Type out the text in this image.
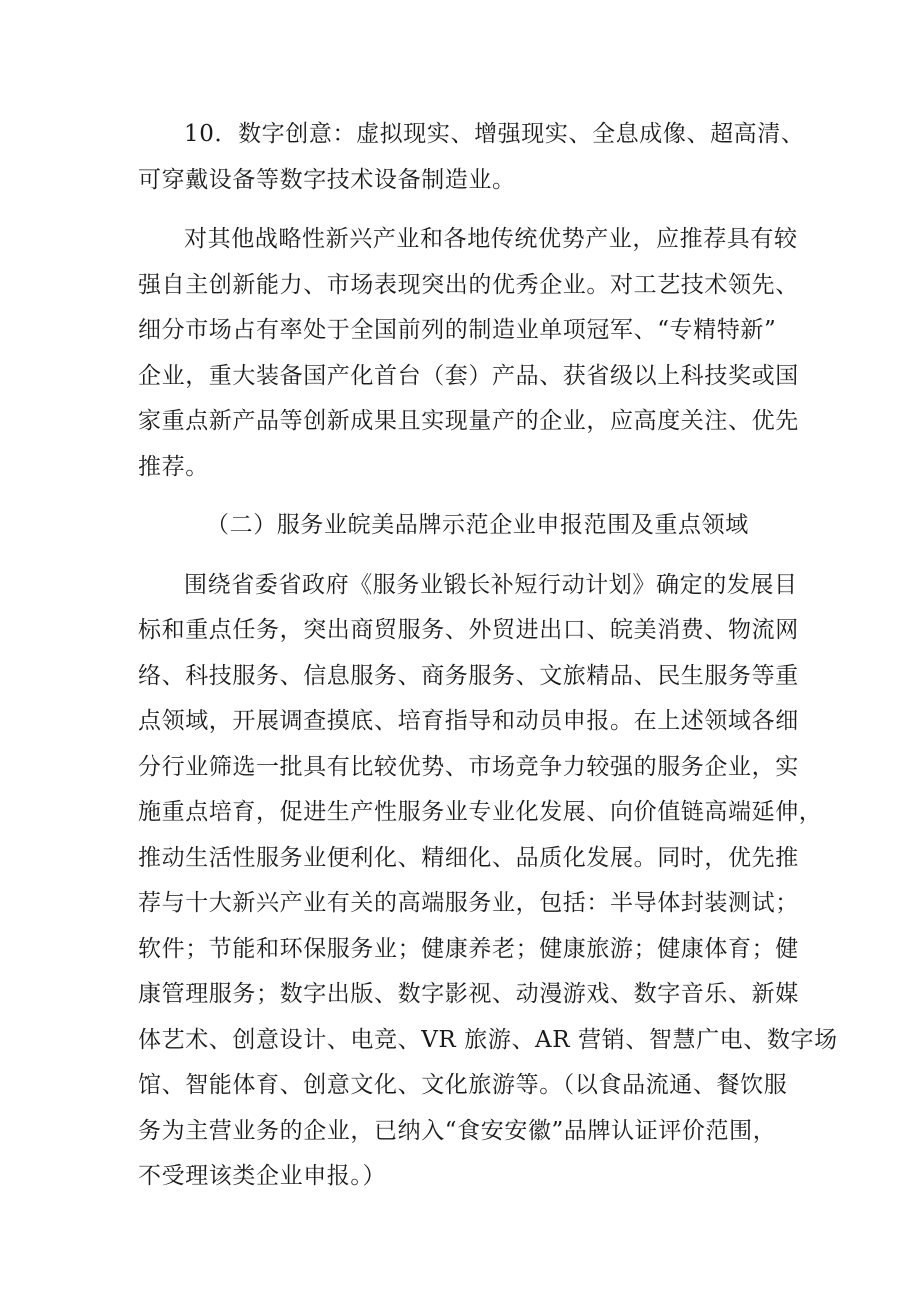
10．数字创意：虚拟现实、增强现实、全息成像、超高清、
可穿戴设备等数字技术设备制造业。

对其他战略性新兴产业和各地传统优势产业，应推荐具有较
强自主创新能力、市场表现突出的优秀企业。对工艺技术领先、
细分市场占有率处于全国前列的制造业单项冠军、“专精特新”
企业，重大装备国产化首台（套）产品、获省级以上科技奖或国
家重点新产品等创新成果且实现量产的企业，应高度关注、优先
推荐。

（二）服务业皖美品牌示范企业申报范围及重点领域

围绕省委省政府《服务业锻长补短行动计划》确定的发展目
标和重点任务，突出商贸服务、外贸进出口、皖美消费、物流网
络、科技服务、信息服务、商务服务、文旅精品、民生服务等重
点领域，开展调查摸底、培育指导和动员申报。在上述领域各细
分行业筛选一批具有比较优势、市场竞争力较强的服务企业，实
施重点培育，促进生产性服务业专业化发展、向价值链高端延伸，
推动生活性服务业便利化、精细化、品质化发展。同时，优先推
荐与十大新兴产业有关的高端服务业，包括：半导体封装测试；
软件；节能和环保服务业；健康养老；健康旅游；健康体育；健
康管理服务；数字出版、数字影视、动漫游戏、数字音乐、新媒
体艺术、创意设计、电竞、VR 旅游、AR 营销、智慧广电、数字场
馆、智能体育、创意文化、文化旅游等。（以食品流通、餐饮服
务为主营业务的企业，已纳入“食安安徽”品牌认证评价范围，
不受理该类企业申报。）
